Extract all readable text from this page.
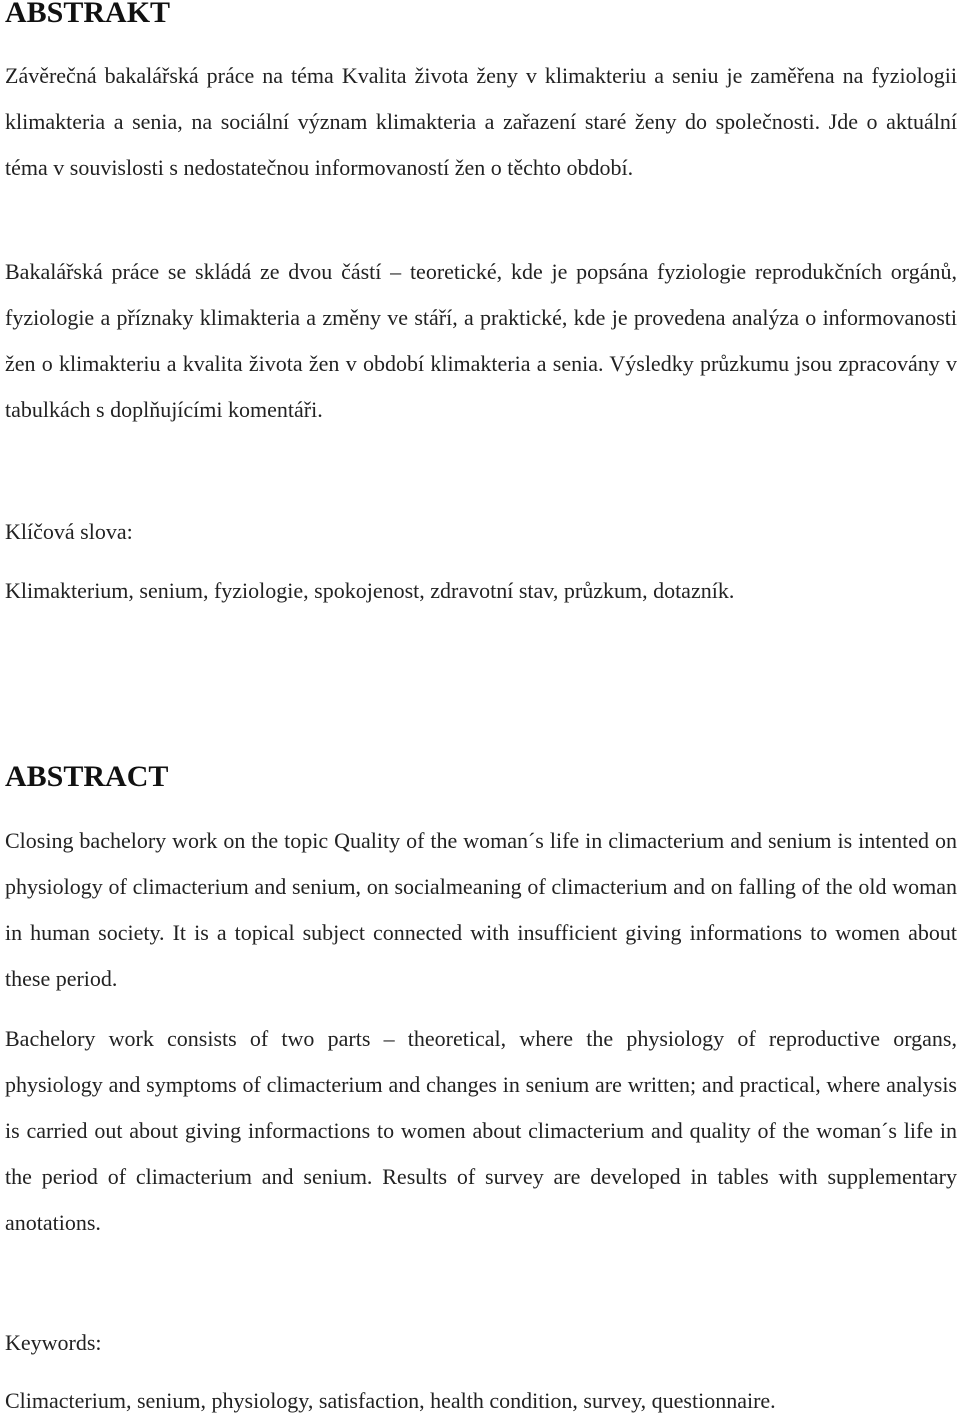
ABSTRAKT

Závěrečná bakalářská práce na téma Kvalita života ženy v klimakteriu a seniu je zaměřena na fyziologii klimakteria a senia, na sociální význam klimakteria a zařazení staré ženy do společnosti. Jde o aktuální téma v souvislosti s nedostatečnou informovaností žen o těchto období.

Bakalářská práce se skládá ze dvou částí – teoretické, kde je popsána fyziologie reprodukčních orgánů, fyziologie a příznaky klimakteria a změny ve stáří, a praktické, kde je provedena analýza o informovanosti žen o klimakteriu a kvalita života žen v období klimakteria a senia. Výsledky průzkumu jsou zpracovány v tabulkách s doplňujícími komentáři.

Klíčová slova:

Klimakterium, senium, fyziologie, spokojenost, zdravotní stav, průzkum, dotazník.

ABSTRACT

Closing bachelory work on the topic Quality of the woman´s life in climacterium and senium is intented on physiology of climacterium and senium, on socialmeaning of climacterium and on falling of the old woman in human society. It is a topical subject connected with insufficient giving informations to women about these period.

Bachelory work consists of two parts – theoretical, where the physiology of reproductive organs, physiology and symptoms of climacterium and changes in senium are written; and practical, where analysis is carried out about giving informactions to women about climacterium and quality of the woman´s life in the period of climacterium and senium. Results of survey are developed in tables with supplementary anotations.

Keywords:

Climacterium, senium, physiology, satisfaction, health condition, survey, questionnaire.
